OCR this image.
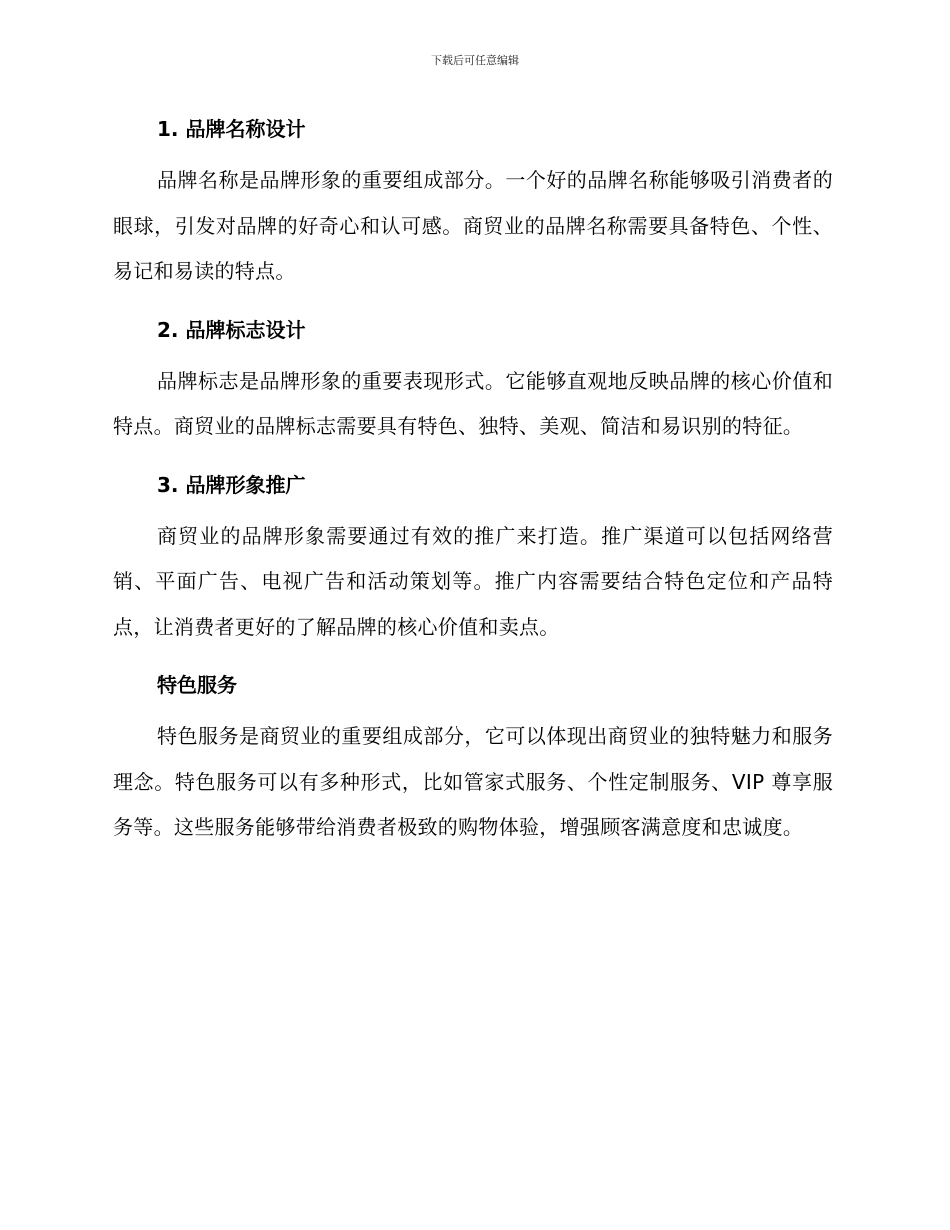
下载后可任意编辑
1. 品牌名称设计

品牌名称是品牌形象的重要组成部分。一个好的品牌名称能够吸引消费者的眼球，引发对品牌的好奇心和认可感。商贸业的品牌名称需要具备特色、个性、易记和易读的特点。

2. 品牌标志设计

品牌标志是品牌形象的重要表现形式。它能够直观地反映品牌的核心价值和特点。商贸业的品牌标志需要具有特色、独特、美观、简洁和易识别的特征。

3. 品牌形象推广

商贸业的品牌形象需要通过有效的推广来打造。推广渠道可以包括网络营销、平面广告、电视广告和活动策划等。推广内容需要结合特色定位和产品特点，让消费者更好的了解品牌的核心价值和卖点。

特色服务

特色服务是商贸业的重要组成部分，它可以体现出商贸业的独特魅力和服务理念。特色服务可以有多种形式，比如管家式服务、个性定制服务、VIP 尊享服务等。这些服务能够带给消费者极致的购物体验，增强顾客满意度和忠诚度。
